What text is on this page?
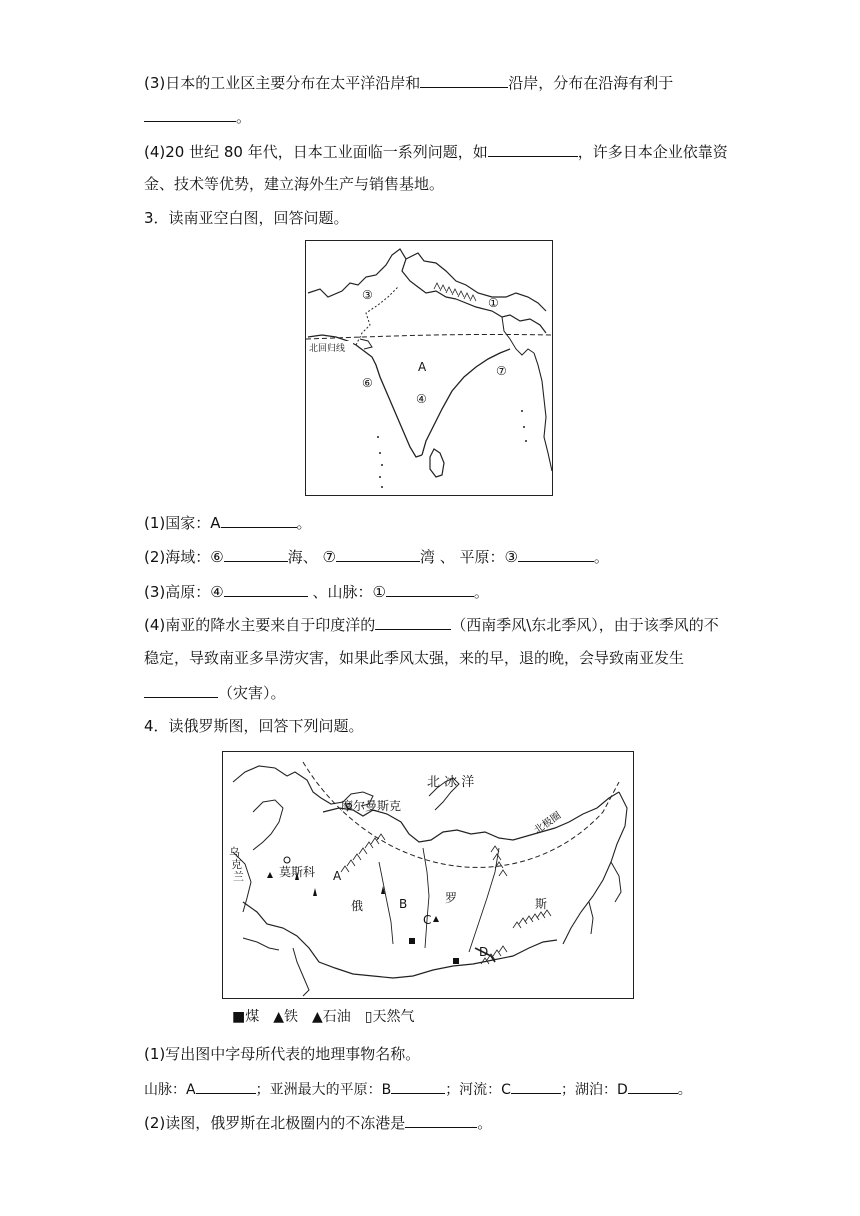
(3)日本的工业区主要分布在太平洋沿岸和	沿岸，分布在沿海有利于
。
(4)20 世纪 80 年代，日本工业面临一系列问题，如	，许多日本企业依靠资
金、技术等优势，建立海外生产与销售基地。
3．读南亚空白图，回答问题。
北回归线
③
①
A
⑥
⑦
④
(1)国家：A	。
(2)海域：⑥	海、 ⑦	湾 、 平原：③	。
(3)高原：④	、山脉：①	。
(4)南亚的降水主要来自于印度洋的	（西南季风\东北季风），由于该季风的不
稳定，导致南亚多旱涝灾害，如果此季风太强，来的早，退的晚，会导致南亚发生
（灾害）。
4．读俄罗斯图，回答下列问题。
北 冰 洋
摩尔曼斯克
莫斯科
乌
克
兰
北极圈
A
B
C
D
俄
罗	斯
■煤 ▲铁 ▲石油 ▯天然气
(1)写出图中字母所代表的地理事物名称。
山脉：A	；亚洲最大的平原：B	；河流：C	；湖泊：D	。
(2)读图，俄罗斯在北极圈内的不冻港是	。
